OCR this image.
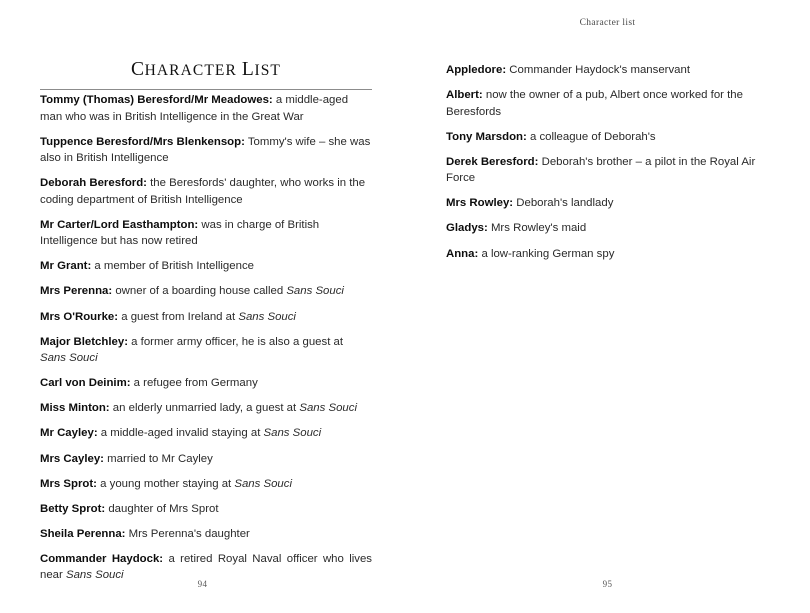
CHARACTER LIST

Tommy (Thomas) Beresford/Mr Meadowes: a middle-aged man who was in British Intelligence in the Great War

Tuppence Beresford/Mrs Blenkensop: Tommy's wife – she was also in British Intelligence

Deborah Beresford: the Beresfords' daughter, who works in the coding department of British Intelligence

Mr Carter/Lord Easthampton: was in charge of British Intelligence but has now retired

Mr Grant: a member of British Intelligence

Mrs Perenna: owner of a boarding house called Sans Souci

Mrs O'Rourke: a guest from Ireland at Sans Souci

Major Bletchley: a former army officer, he is also a guest at Sans Souci

Carl von Deinim: a refugee from Germany

Miss Minton: an elderly unmarried lady, a guest at Sans Souci

Mr Cayley: a middle-aged invalid staying at Sans Souci

Mrs Cayley: married to Mr Cayley

Mrs Sprot: a young mother staying at Sans Souci

Betty Sprot: daughter of Mrs Sprot

Sheila Perenna: Mrs Perenna's daughter

Commander Haydock: a retired Royal Naval officer who lives near Sans Souci

94
Character list

Appledore: Commander Haydock's manservant

Albert: now the owner of a pub, Albert once worked for the Beresfords

Tony Marsdon: a colleague of Deborah's

Derek Beresford: Deborah's brother – a pilot in the Royal Air Force

Mrs Rowley: Deborah's landlady

Gladys: Mrs Rowley's maid

Anna: a low-ranking German spy

95
